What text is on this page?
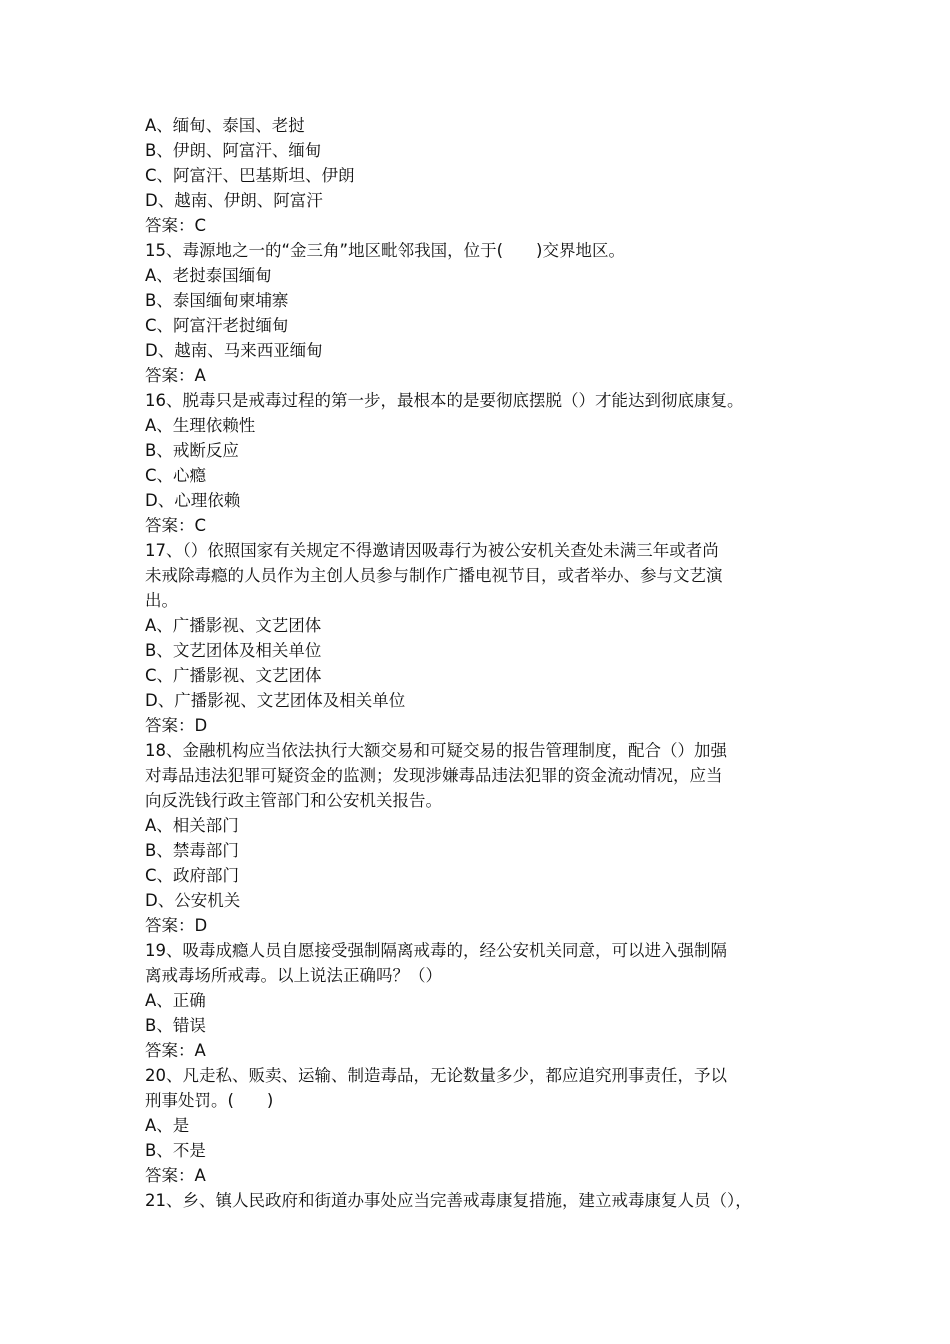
A、缅甸、泰国、老挝
B、伊朗、阿富汗、缅甸
C、阿富汗、巴基斯坦、伊朗
D、越南、伊朗、阿富汗
答案：C
15、毒源地之一的“金三角”地区毗邻我国，位于(　　)交界地区。
A、老挝泰国缅甸
B、泰国缅甸柬埔寨
C、阿富汗老挝缅甸
D、越南、马来西亚缅甸
答案：A
16、脱毒只是戒毒过程的第一步，最根本的是要彻底摆脱（）才能达到彻底康复。
A、生理依赖性
B、戒断反应
C、心瘾
D、心理依赖
答案：C
17、（）依照国家有关规定不得邀请因吸毒行为被公安机关查处未满三年或者尚
未戒除毒瘾的人员作为主创人员参与制作广播电视节目，或者举办、参与文艺演
出。
A、广播影视、文艺团体
B、文艺团体及相关单位
C、广播影视、文艺团体
D、广播影视、文艺团体及相关单位
答案：D
18、金融机构应当依法执行大额交易和可疑交易的报告管理制度，配合（）加强
对毒品违法犯罪可疑资金的监测；发现涉嫌毒品违法犯罪的资金流动情况，应当
向反洗钱行政主管部门和公安机关报告。
A、相关部门
B、禁毒部门
C、政府部门
D、公安机关
答案：D
19、吸毒成瘾人员自愿接受强制隔离戒毒的，经公安机关同意，可以进入强制隔
离戒毒场所戒毒。以上说法正确吗？（）
A、正确
B、错误
答案：A
20、凡走私、贩卖、运输、制造毒品，无论数量多少，都应追究刑事责任，予以
刑事处罚。(　　)
A、是
B、不是
答案：A
21、乡、镇人民政府和街道办事处应当完善戒毒康复措施，建立戒毒康复人员（），
